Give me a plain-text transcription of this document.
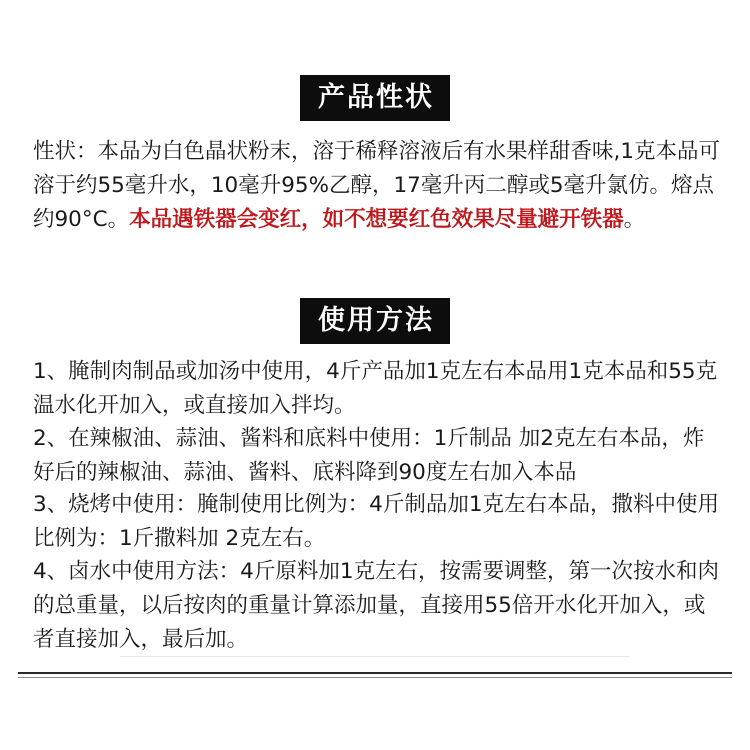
产品性状

性状：本品为白色晶状粉末，溶于稀释溶液后有水果样甜香味,1克本品可溶于约55毫升水，10毫升95%乙醇，17毫升丙二醇或5毫升氯仿。熔点约90°C。本品遇铁器会变红，如不想要红色效果尽量避开铁器。

使用方法

1、腌制肉制品或加汤中使用，4斤产品加1克左右本品用1克本品和55克温水化开加入，或直接加入拌均。

2、在辣椒油、蒜油、酱料和底料中使用：1斤制品 加2克左右本品，炸好后的辣椒油、蒜油、酱料、底料降到90度左右加入本品

3、烧烤中使用：腌制使用比例为：4斤制品加1克左右本品，撒料中使用比例为：1斤撒料加 2克左右。

4、卤水中使用方法：4斤原料加1克左右，按需要调整，第一次按水和肉的总重量，以后按肉的重量计算添加量，直接用55倍开水化开加入，或者直接加入，最后加。
